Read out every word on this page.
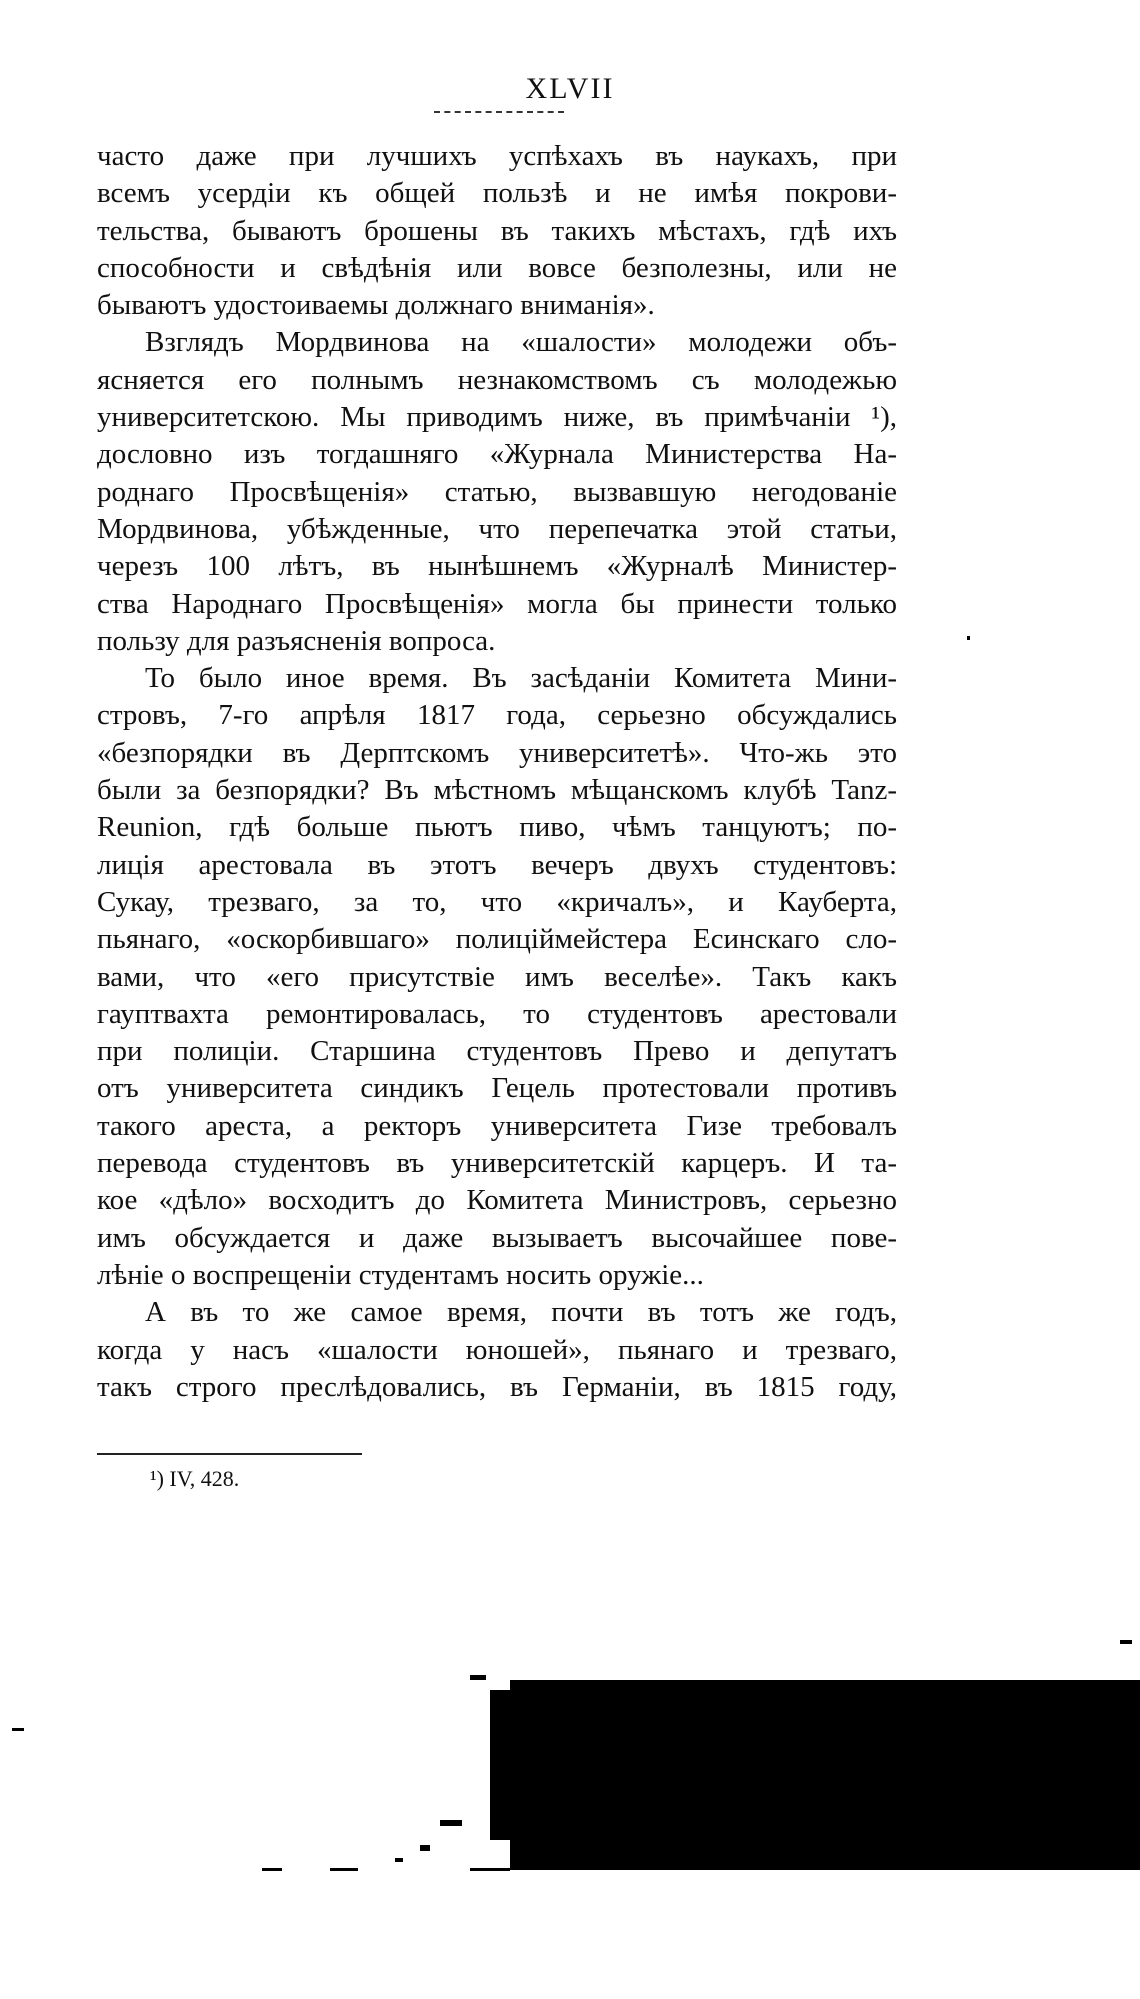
XLVII
часто даже при лучшихъ успѣхахъ въ наукахъ, при
всемъ усердіи къ общей пользѣ и не имѣя покрови-
тельства, бываютъ брошены въ такихъ мѣстахъ, гдѣ ихъ
способности и свѣдѣнія или вовсе безполезны, или не
бываютъ удостоиваемы должнаго вниманія».
Взглядъ Мордвинова на «шалости» молодежи объ-
ясняется его полнымъ незнакомствомъ съ молодежью
университетскою. Мы приводимъ ниже, въ примѣчаніи ¹),
дословно изъ тогдашняго «Журнала Министерства На-
роднаго Просвѣщенія» статью, вызвавшую негодованіе
Мордвинова, убѣжденные, что перепечатка этой статьи,
черезъ 100 лѣтъ, въ нынѣшнемъ «Журналѣ Министер-
ства Народнаго Просвѣщенія» могла бы принести только
пользу для разъясненія вопроса.
То было иное время. Въ засѣданіи Комитета Мини-
стровъ, 7-го апрѣля 1817 года, серьезно обсуждались
«безпорядки въ Дерптскомъ университетѣ». Что-жь это
были за безпорядки? Въ мѣстномъ мѣщанскомъ клубѣ Tanz-
Reunion, гдѣ больше пьютъ пиво, чѣмъ танцуютъ; по-
лиція арестовала въ этотъ вечеръ двухъ студентовъ:
Сукау, трезваго, за то, что «кричалъ», и Кауберта,
пьянаго, «оскорбившаго» полиціймейстера Есинскаго сло-
вами, что «его присутствіе имъ веселѣе». Такъ какъ
гауптвахта ремонтировалась, то студентовъ арестовали
при полиціи. Старшина студентовъ Прево и депутатъ
отъ университета синдикъ Гецель протестовали противъ
такого ареста, а ректоръ университета Гизе требовалъ
перевода студентовъ въ университетскій карцеръ. И та-
кое «дѣло» восходитъ до Комитета Министровъ, серьезно
имъ обсуждается и даже вызываетъ высочайшее пове-
лѣніе о воспрещеніи студентамъ носить оружіе...
А въ то же самое время, почти въ тотъ же годъ,
когда у насъ «шалости юношей», пьянаго и трезваго,
такъ строго преслѣдовались, въ Германіи, въ 1815 году,
¹) IV, 428.
